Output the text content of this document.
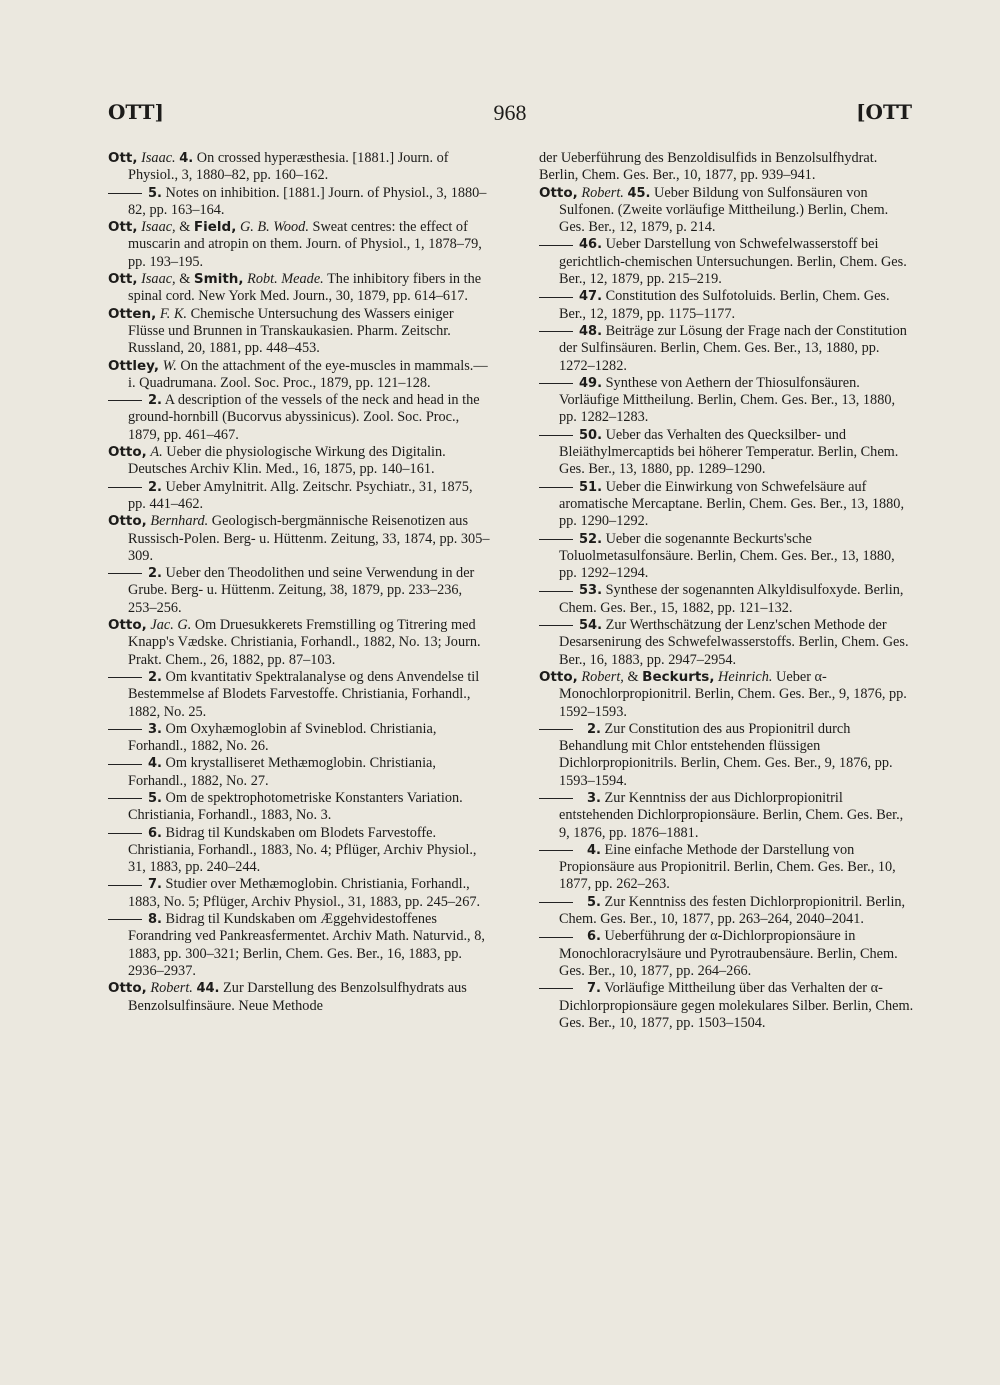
OTT]	968	[OTT

Ott, Isaac. 4. On crossed hyperæsthesia. [1881.] Journ. of Physiol., 3, 1880–82, pp. 160–162.

5. Notes on inhibition. [1881.] Journ. of Physiol., 3, 1880–82, pp. 163–164.

Ott, Isaac, & Field, G. B. Wood. Sweat centres: the effect of muscarin and atropin on them. Journ. of Physiol., 1, 1878–79, pp. 193–195.

Ott, Isaac, & Smith, Robt. Meade. The inhibitory fibers in the spinal cord. New York Med. Journ., 30, 1879, pp. 614–617.

Otten, F. K. Chemische Untersuchung des Wassers einiger Flüsse und Brunnen in Transkaukasien. Pharm. Zeitschr. Russland, 20, 1881, pp. 448–453.

Ottley, W. On the attachment of the eye-muscles in mammals.—i. Quadrumana. Zool. Soc. Proc., 1879, pp. 121–128.

2. A description of the vessels of the neck and head in the ground-hornbill (Bucorvus abyssinicus). Zool. Soc. Proc., 1879, pp. 461–467.

Otto, A. Ueber die physiologische Wirkung des Digitalin. Deutsches Archiv Klin. Med., 16, 1875, pp. 140–161.

2. Ueber Amylnitrit. Allg. Zeitschr. Psychiatr., 31, 1875, pp. 441–462.

Otto, Bernhard. Geologisch-bergmännische Reisenotizen aus Russisch-Polen. Berg- u. Hüttenm. Zeitung, 33, 1874, pp. 305–309.

2. Ueber den Theodolithen und seine Verwendung in der Grube. Berg- u. Hüttenm. Zeitung, 38, 1879, pp. 233–236, 253–256.

Otto, Jac. G. Om Druesukkerets Fremstilling og Titrering med Knapp's Vædske. Christiania, Forhandl., 1882, No. 13; Journ. Prakt. Chem., 26, 1882, pp. 87–103.

2. Om kvantitativ Spektralanalyse og dens Anvendelse til Bestemmelse af Blodets Farvestoffe. Christiania, Forhandl., 1882, No. 25.

3. Om Oxyhæmoglobin af Svineblod. Christiania, Forhandl., 1882, No. 26.

4. Om krystalliseret Methæmoglobin. Christiania, Forhandl., 1882, No. 27.

5. Om de spektrophotometriske Konstanters Variation. Christiania, Forhandl., 1883, No. 3.

6. Bidrag til Kundskaben om Blodets Farvestoffe. Christiania, Forhandl., 1883, No. 4; Pflüger, Archiv Physiol., 31, 1883, pp. 240–244.

7. Studier over Methæmoglobin. Christiania, Forhandl., 1883, No. 5; Pflüger, Archiv Physiol., 31, 1883, pp. 245–267.

8. Bidrag til Kundskaben om Æggehvidestoffenes Forandring ved Pankreasfermentet. Archiv Math. Naturvid., 8, 1883, pp. 300–321; Berlin, Chem. Ges. Ber., 16, 1883, pp. 2936–2937.

Otto, Robert. 44. Zur Darstellung des Benzolsulfhydrats aus Benzolsulfinsäure. Neue Methode

der Ueberführung des Benzoldisulfids in Benzolsulfhydrat. Berlin, Chem. Ges. Ber., 10, 1877, pp. 939–941.

Otto, Robert. 45. Ueber Bildung von Sulfonsäuren von Sulfonen. (Zweite vorläufige Mittheilung.) Berlin, Chem. Ges. Ber., 12, 1879, p. 214.

46. Ueber Darstellung von Schwefelwasserstoff bei gerichtlich-chemischen Untersuchungen. Berlin, Chem. Ges. Ber., 12, 1879, pp. 215–219.

47. Constitution des Sulfotoluids. Berlin, Chem. Ges. Ber., 12, 1879, pp. 1175–1177.

48. Beiträge zur Lösung der Frage nach der Constitution der Sulfinsäuren. Berlin, Chem. Ges. Ber., 13, 1880, pp. 1272–1282.

49. Synthese von Aethern der Thiosulfonsäuren. Vorläufige Mittheilung. Berlin, Chem. Ges. Ber., 13, 1880, pp. 1282–1283.

50. Ueber das Verhalten des Quecksilber- und Bleiäthylmercaptids bei höherer Temperatur. Berlin, Chem. Ges. Ber., 13, 1880, pp. 1289–1290.

51. Ueber die Einwirkung von Schwefelsäure auf aromatische Mercaptane. Berlin, Chem. Ges. Ber., 13, 1880, pp. 1290–1292.

52. Ueber die sogenannte Beckurts'sche Toluolmetasulfonsäure. Berlin, Chem. Ges. Ber., 13, 1880, pp. 1292–1294.

53. Synthese der sogenannten Alkyldisulfoxyde. Berlin, Chem. Ges. Ber., 15, 1882, pp. 121–132.

54. Zur Werthschätzung der Lenz'schen Methode der Desarsenirung des Schwefelwasserstoffs. Berlin, Chem. Ges. Ber., 16, 1883, pp. 2947–2954.

Otto, Robert, & Beckurts, Heinrich. Ueber α-Monochlorpropionitril. Berlin, Chem. Ges. Ber., 9, 1876, pp. 1592–1593.

2. Zur Constitution des aus Propionitril durch Behandlung mit Chlor entstehenden flüssigen Dichlorpropionitrils. Berlin, Chem. Ges. Ber., 9, 1876, pp. 1593–1594.

3. Zur Kenntniss der aus Dichlorpropionitril entstehenden Dichlorpropionsäure. Berlin, Chem. Ges. Ber., 9, 1876, pp. 1876–1881.

4. Eine einfache Methode der Darstellung von Propionsäure aus Propionitril. Berlin, Chem. Ges. Ber., 10, 1877, pp. 262–263.

5. Zur Kenntniss des festen Dichlorpropionitril. Berlin, Chem. Ges. Ber., 10, 1877, pp. 263–264, 2040–2041.

6. Ueberführung der α-Dichlorpropionsäure in Monochloracrylsäure und Pyrotraubensäure. Berlin, Chem. Ges. Ber., 10, 1877, pp. 264–266.

7. Vorläufige Mittheilung über das Verhalten der α-Dichlorpropionsäure gegen molekulares Silber. Berlin, Chem. Ges. Ber., 10, 1877, pp. 1503–1504.
